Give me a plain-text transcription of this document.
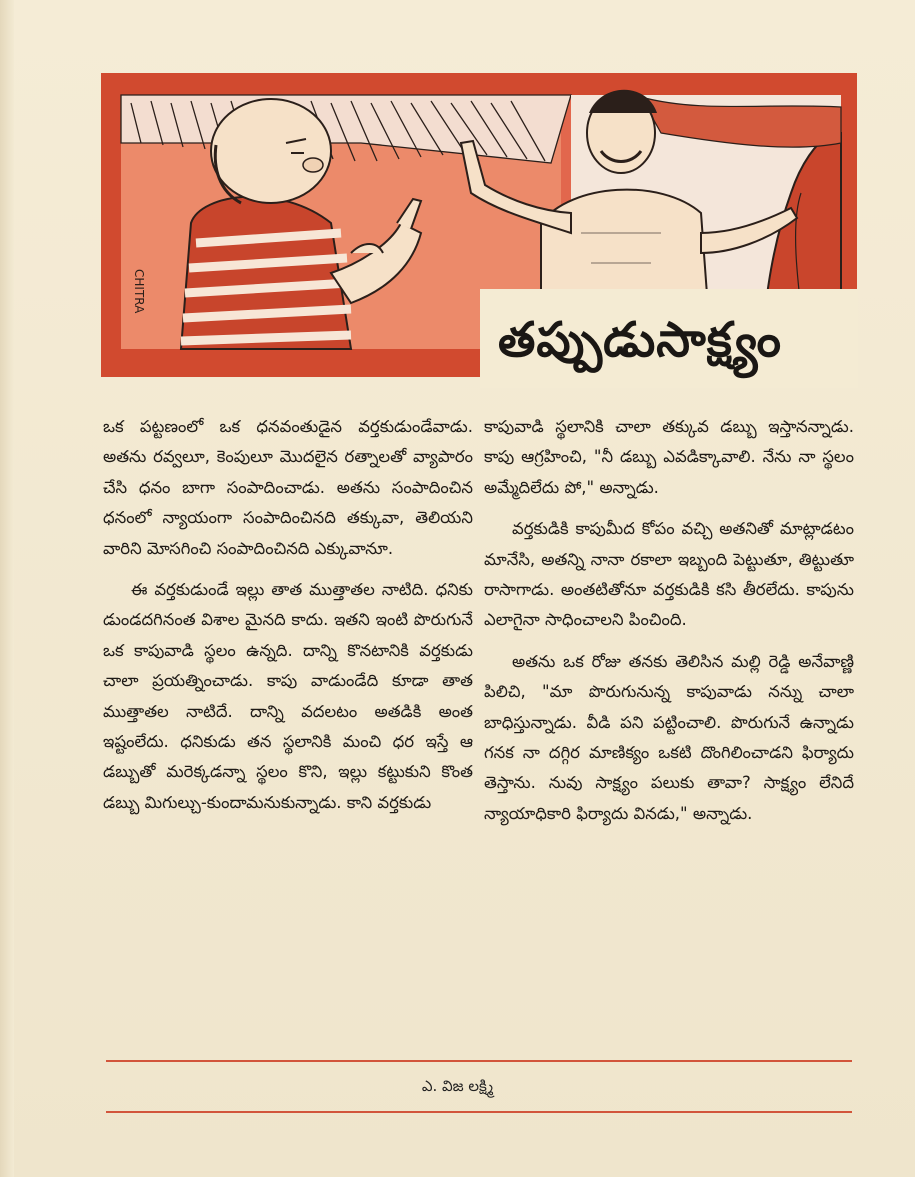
CHITRA
తప్పుడుసాక్ష్యం

ఒక పట్టణంలో ఒక ధనవంతుడైన వర్తకుడుండేవాడు. అతను రవ్వలూ, కెంపులూ మొదలైన రత్నాలతో వ్యాపారం చేసి ధనం బాగా సంపాదించాడు. అతను సంపాదించిన ధనంలో న్యాయంగా సంపాదించినది తక్కువా, తెలియని వారిని మోసగించి సంపాదించినది ఎక్కువానూ.

ఈ వర్తకుడుండే ఇల్లు తాత ముత్తాతల నాటిది. ధనికు డుండదగినంత విశాల మైనది కాదు. ఇతని ఇంటి పొరుగునే ఒక కాపువాడి స్థలం ఉన్నది. దాన్ని కొనటానికి వర్తకుడు చాలా ప్రయత్నించాడు. కాపు వాడుండేది కూడా తాత ముత్తాతల నాటిదే. దాన్ని వదలటం అతడికి అంత ఇష్టంలేదు. ధనికుడు తన స్థలానికి మంచి ధర ఇస్తే ఆ డబ్బుతో మరెక్కడన్నా స్థలం కొని, ఇల్లు కట్టుకుని కొంత డబ్బు మిగుల్చు-కుందామనుకున్నాడు. కాని వర్తకుడు

కాపువాడి స్థలానికి చాలా తక్కువ డబ్బు ఇస్తానన్నాడు. కాపు ఆగ్రహించి, "నీ డబ్బు ఎవడిక్కావాలి. నేను నా స్థలం అమ్మేదిలేదు పో," అన్నాడు.

వర్తకుడికి కాపుమీద కోపం వచ్చి అతనితో మాట్లాడటం మానేసి, అతన్ని నానా రకాలా ఇబ్బంది పెట్టుతూ, తిట్టుతూ రాసాగాడు. అంతటితోనూ వర్తకుడికి కసి తీరలేదు. కాపును ఎలాగైనా సాధించాలని పించింది.

అతను ఒక రోజు తనకు తెలిసిన మల్లి రెడ్డి అనేవాణ్ణి పిలిచి, "మా పొరుగునున్న కాపువాడు నన్ను చాలా బాధిస్తున్నాడు. వీడి పని పట్టించాలి. పొరుగునే ఉన్నాడు గనక నా దగ్గిర మాణిక్యం ఒకటి దొంగిలించాడని ఫిర్యాదు తెస్తాను. నువు సాక్ష్యం పలుకు తావా? సాక్ష్యం లేనిదే న్యాయాధికారి ఫిర్యాదు వినడు," అన్నాడు.

ఎ. విజ లక్ష్మి
